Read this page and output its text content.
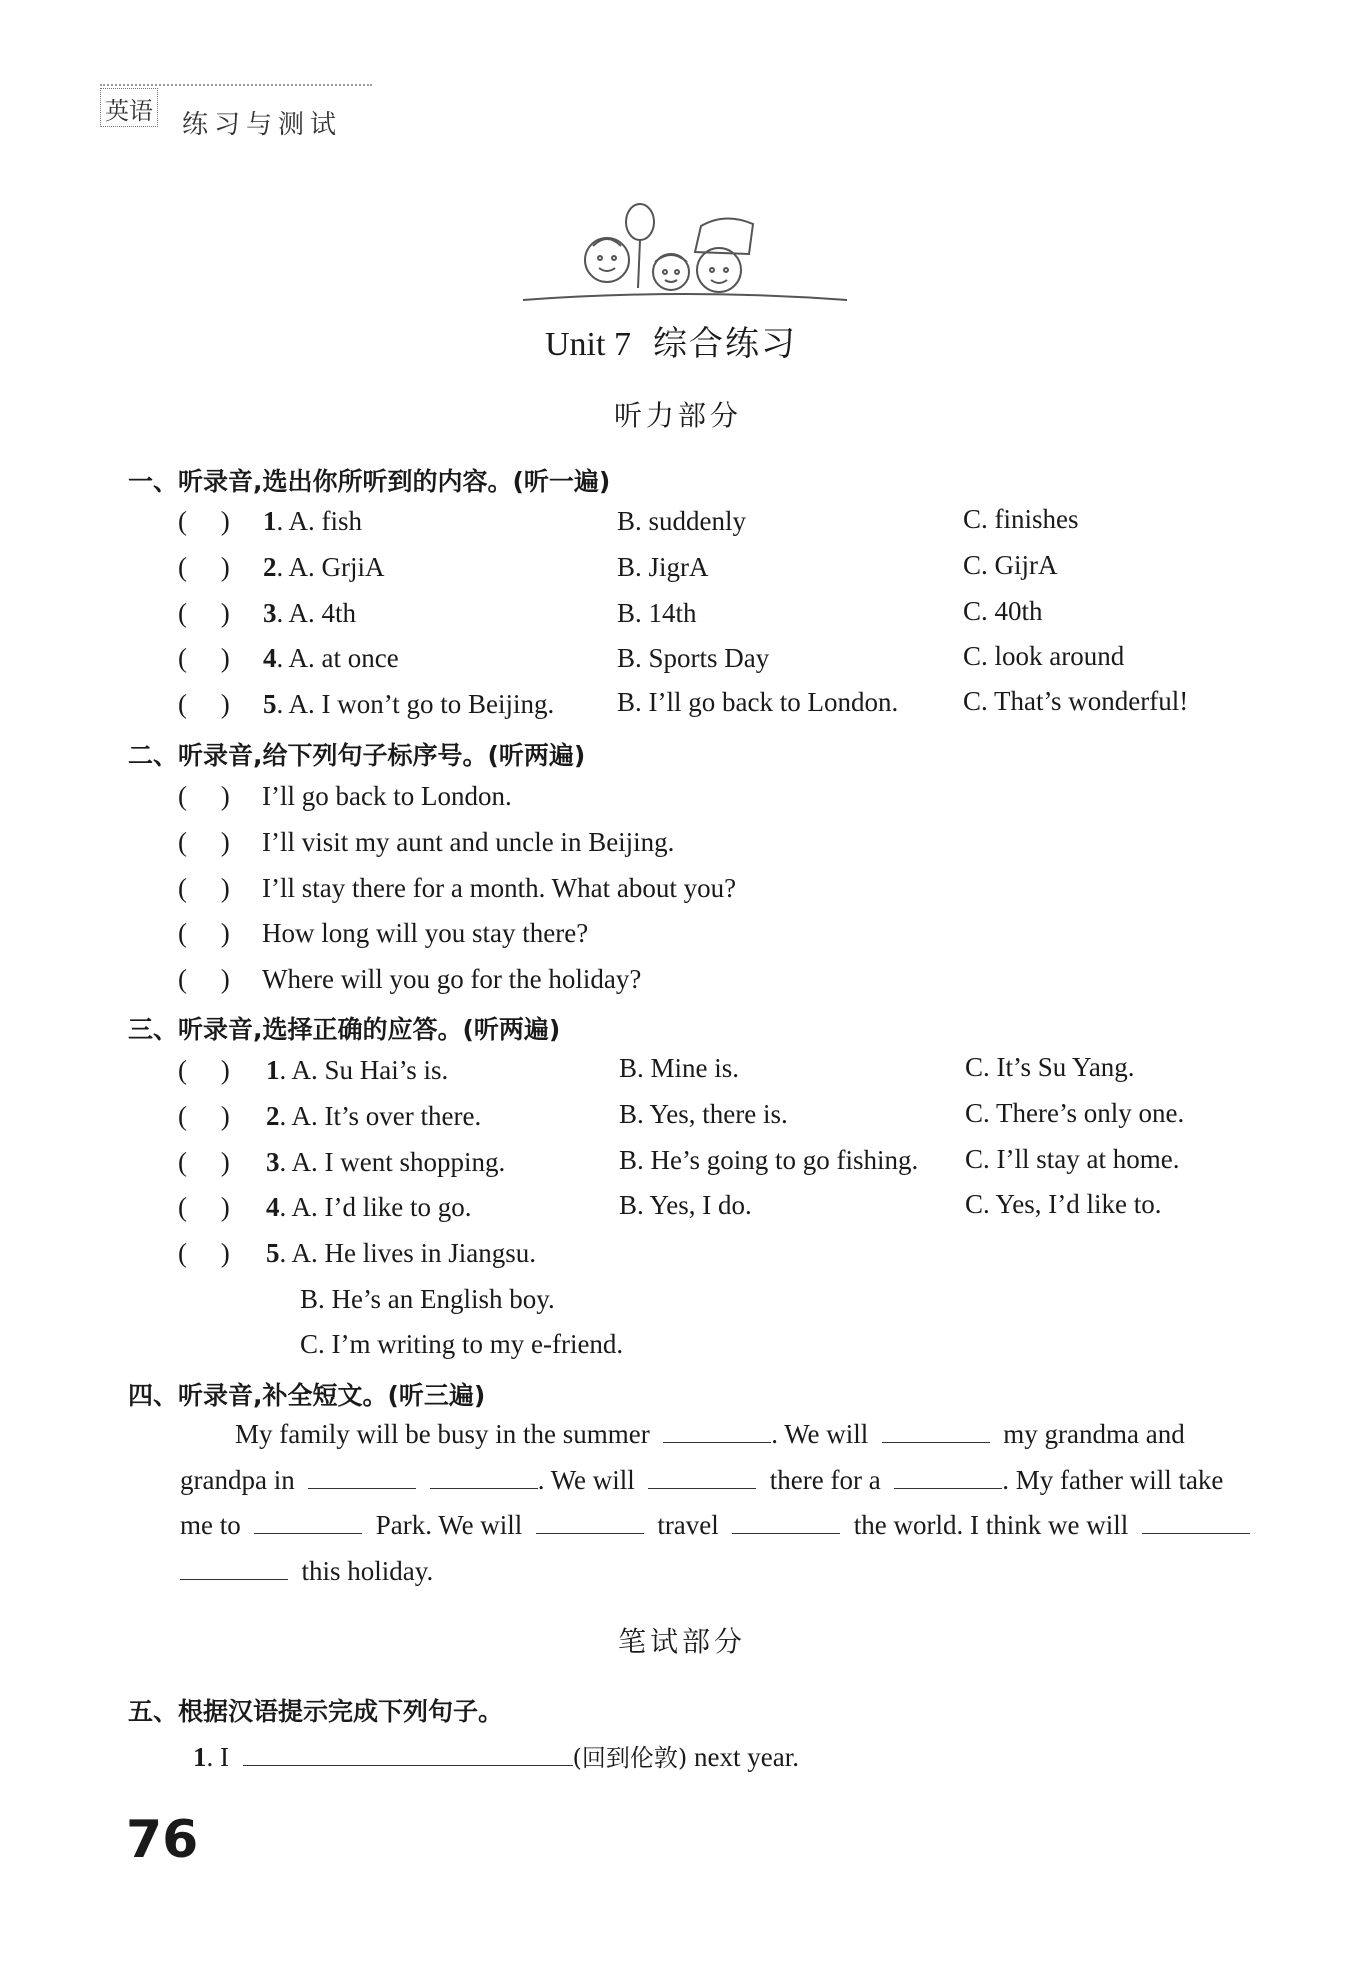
英语 练习与测试
Unit 7 综合练习
听力部分
一、听录音,选出你所听到的内容。(听一遍)
(     ) 1. A. fish	B. suddenly	C. finishes
(     ) 2. A. GrjiA	B. JigrA	C. GijrA
(     ) 3. A. 4th	B. 14th	C. 40th
(     ) 4. A. at once	B. Sports Day	C. look around
(     ) 5. A. I won’t go to Beijing. B. I’ll go back to London. C. That’s wonderful!
二、听录音,给下列句子标序号。(听两遍)
(     ) I’ll go back to London.
(     ) I’ll visit my aunt and uncle in Beijing.
(     ) I’ll stay there for a month. What about you?
(     ) How long will you stay there?
(     ) Where will you go for the holiday?
三、听录音,选择正确的应答。(听两遍)
(     ) 1. A. Su Hai’s is.	B. Mine is.	C. It’s Su Yang.
(     ) 2. A. It’s over there.	B. Yes, there is.	C. There’s only one.
(     ) 3. A. I went shopping.	B. He’s going to go fishing. C. I’ll stay at home.
(     ) 4. A. I’d like to go.	B. Yes, I do.	C. Yes, I’d like to.
(     ) 5. A. He lives in Jiangsu.
B. He’s an English boy.
C. I’m writing to my e-friend.
四、听录音,补全短文。(听三遍)
My family will be busy in the summer	. We will	my grandma and
grandpa in	. We will	there for a	. My father will take
me to	Park. We will	travel	the world. I think we will
this holiday.
笔试部分
五、根据汉语提示完成下列句子。
1. I	(回到伦敦) next year.
76
